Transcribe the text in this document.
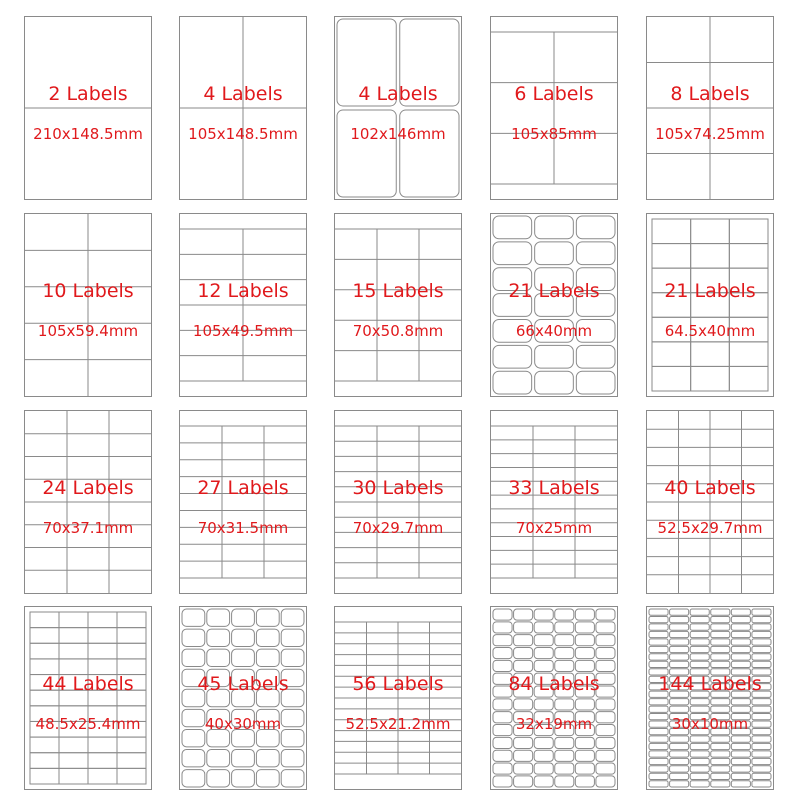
2 Labels
210x148.5mm
4 Labels
105x148.5mm
4 Labels
102x146mm
6 Labels
105x85mm
8 Labels
105x74.25mm
10 Labels
105x59.4mm
12 Labels
105x49.5mm
15 Labels
70x50.8mm
21 Labels
66x40mm
21 Labels
64.5x40mm
24 Labels
70x37.1mm
27 Labels
70x31.5mm
30 Labels
70x29.7mm
33 Labels
70x25mm
40 Labels
52.5x29.7mm
44 Labels
48.5x25.4mm
45 Labels
40x30mm
56 Labels
52.5x21.2mm
84 Labels
32x19mm
144 Labels
30x10mm
